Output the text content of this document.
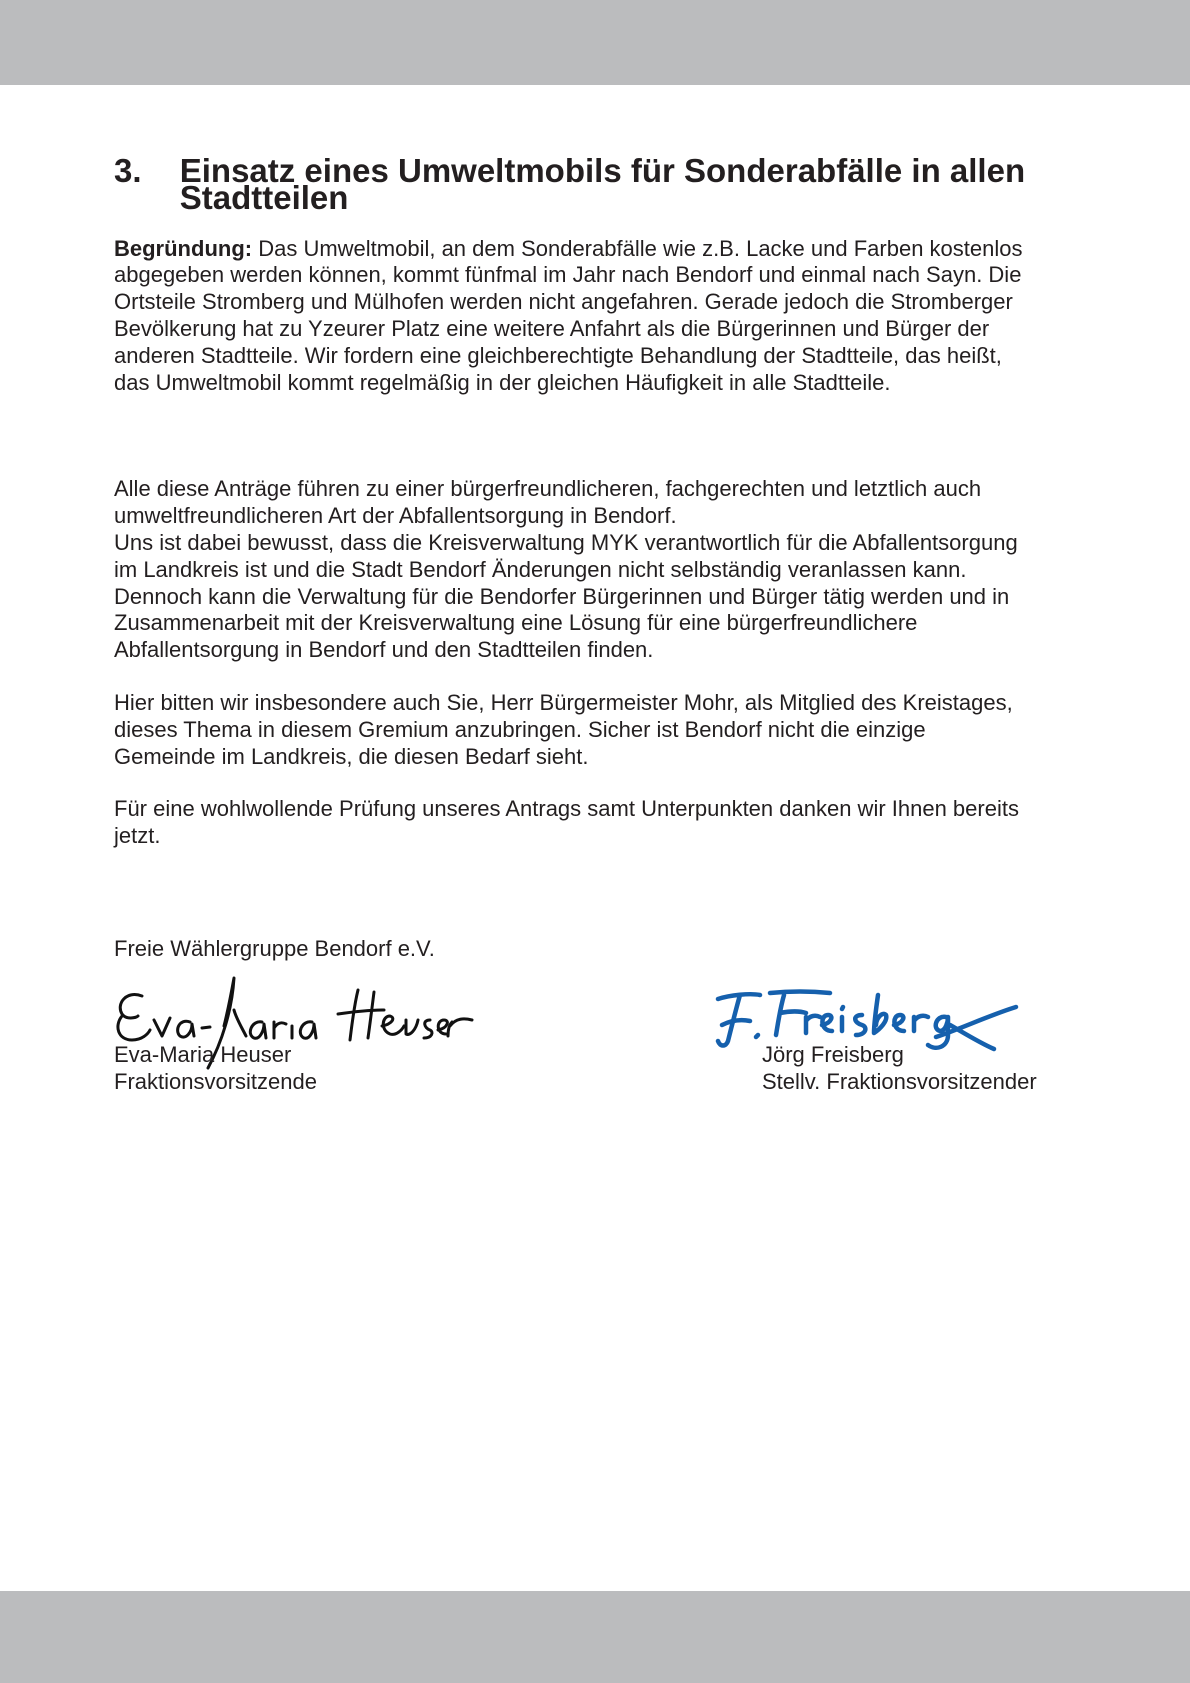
3.	Einsatz eines Umweltmobils für Sonderabfälle in allen Stadtteilen

Begründung: Das Umweltmobil, an dem Sonderabfälle wie z.B. Lacke und Farben kostenlos
abgegeben werden können, kommt fünfmal im Jahr nach Bendorf und einmal nach Sayn. Die
Ortsteile Stromberg und Mülhofen werden nicht angefahren. Gerade jedoch die Stromberger
Bevölkerung hat zu Yzeurer Platz eine weitere Anfahrt als die Bürgerinnen und Bürger der
anderen Stadtteile. Wir fordern eine gleichberechtigte Behandlung der Stadtteile, das heißt,
das Umweltmobil kommt regelmäßig in der gleichen Häufigkeit in alle Stadtteile.

Alle diese Anträge führen zu einer bürgerfreundlicheren, fachgerechten und letztlich auch
umweltfreundlicheren Art der Abfallentsorgung in Bendorf.
Uns ist dabei bewusst, dass die Kreisverwaltung MYK verantwortlich für die Abfallentsorgung
im Landkreis ist und die Stadt Bendorf Änderungen nicht selbständig veranlassen kann.
Dennoch kann die Verwaltung für die Bendorfer Bürgerinnen und Bürger tätig werden und in
Zusammenarbeit mit der Kreisverwaltung eine Lösung für eine bürgerfreundlichere
Abfallentsorgung in Bendorf und den Stadtteilen finden.

Hier bitten wir insbesondere auch Sie, Herr Bürgermeister Mohr, als Mitglied des Kreistages,
dieses Thema in diesem Gremium anzubringen. Sicher ist Bendorf nicht die einzige
Gemeinde im Landkreis, die diesen Bedarf sieht.

Für eine wohlwollende Prüfung unseres Antrags samt Unterpunkten danken wir Ihnen bereits
jetzt.

Freie Wählergruppe Bendorf e.V.

Eva-Maria Heuser
Fraktionsvorsitzende
Jörg Freisberg
Stellv. Fraktionsvorsitzender
